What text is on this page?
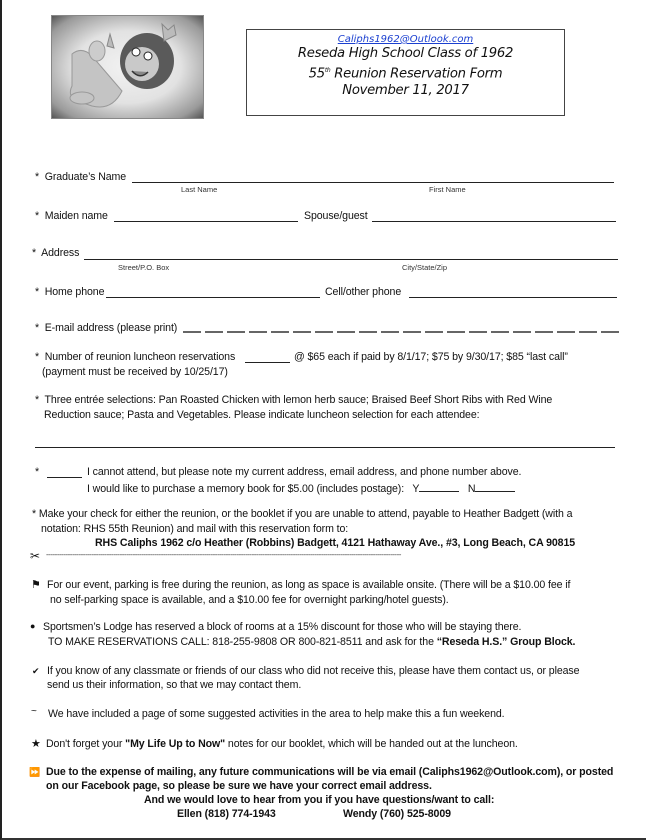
Caliphs1962@Outlook.com
Reseda High School Class of 1962
55th Reunion Reservation Form
November 11, 2017
* Graduate’s Name
Last Name	First Name
* Maiden name	Spouse/guest
* Address
Street/P.O. Box	City/State/Zip
* Home phone	Cell/other phone
* E-mail address (please print)
* Number of reunion luncheon reservations	@ $65 each if paid by 8/1/17; $75 by 9/30/17; $85 “last call”
(payment must be received by 10/25/17)
* Three entrée selections: Pan Roasted Chicken with lemon herb sauce; Braised Beef Short Ribs with Red Wine
Reduction sauce; Pasta and Vegetables. Please indicate luncheon selection for each attendee:
*	I cannot attend, but please note my current address, email address, and phone number above.
I would like to purchase a memory book for $5.00 (includes postage): Y	N
* Make your check for either the reunion, or the booklet if you are unable to attend, payable to Heather Badgett (with a
notation: RHS 55th Reunion) and mail with this reservation form to:
RHS Caliphs 1962 c/o Heather (Robbins) Badgett, 4121 Hathaway Ave., #3, Long Beach, CA 90815
✂ --------------------------------------------------------------------------------------------------------------------------------------------------------------------
⚑ For our event, parking is free during the reunion, as long as space is available onsite. (There will be a $10.00 fee if
no self-parking space is available, and a $10.00 fee for overnight parking/hotel guests).
● Sportsmen’s Lodge has reserved a block of rooms at a 15% discount for those who will be staying there.
TO MAKE RESERVATIONS CALL: 818-255-9808 OR 800-821-8511 and ask for the “Reseda H.S.” Group Block.
✔ If you know of any classmate or friends of our class who did not receive this, please have them contact us, or please
send us their information, so that we may contact them.
~ We have included a page of some suggested activities in the area to help make this a fun weekend.
★ Don't forget your "My Life Up to Now" notes for our booklet, which will be handed out at the luncheon.
⏩ Due to the expense of mailing, any future communications will be via email (Caliphs1962@Outlook.com), or posted
on our Facebook page, so please be sure we have your correct email address.
And we would love to hear from you if you have questions/want to call:
Ellen (818) 774-1943	Wendy (760) 525-8009
